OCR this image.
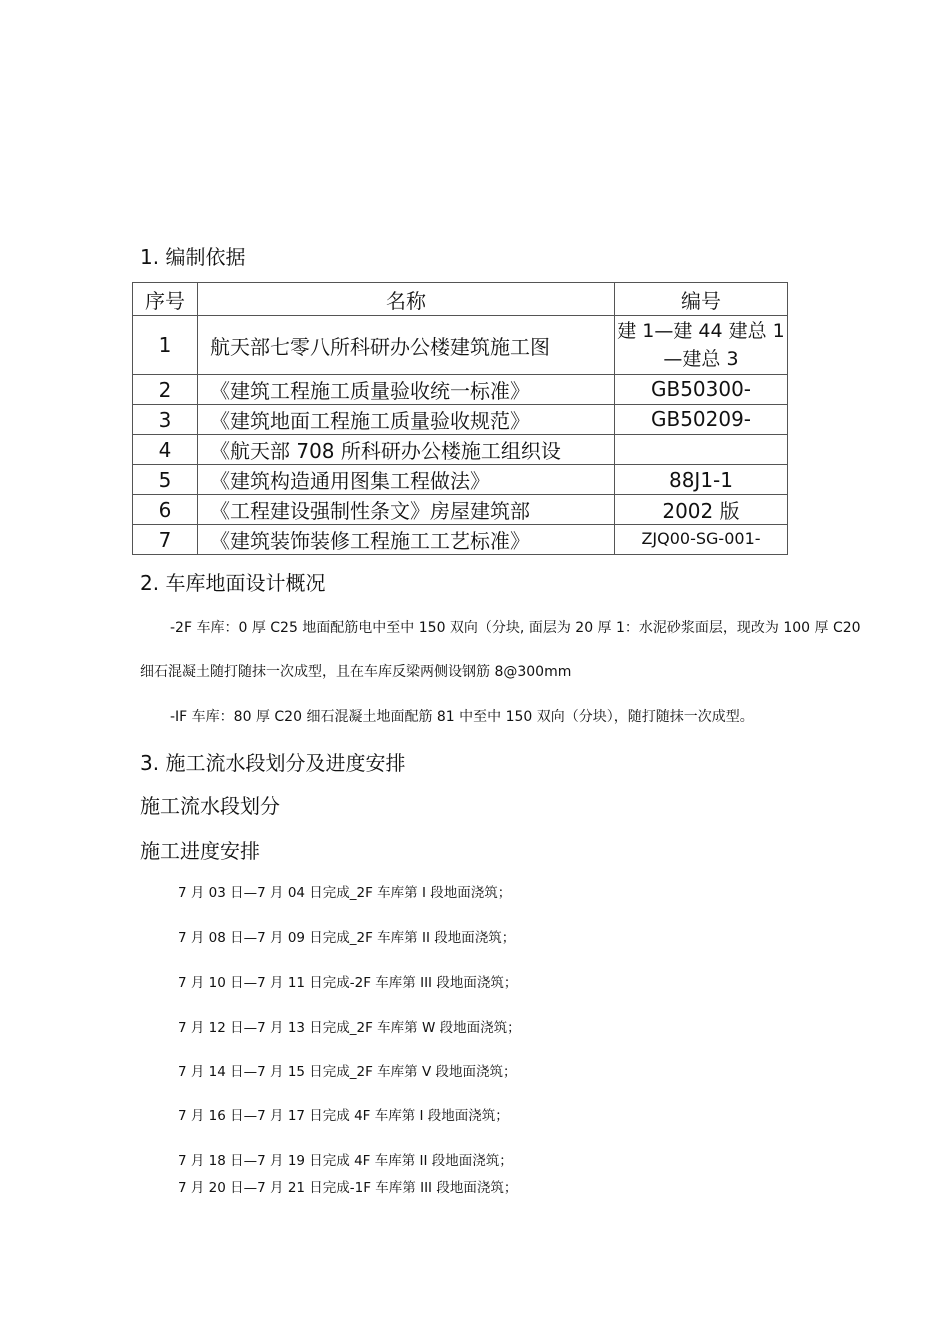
1. 编制依据
序号	名称	编号
1	航天部七零八所科研办公楼建筑施工图	建 1—建 44 建总 1—建总 3
2	《建筑工程施工质量验收统一标准》	GB50300-

3	《建筑地面工程施工质量验收规范》	GB50209-

4	《航天部 708 所科研办公楼施工组织设	
5	《建筑构造通用图集工程做法》	88J1-1
6	《工程建设强制性条文》房屋建筑部	2002 版
7	《建筑装饰装修工程施工工艺标准》	ZJQ00-SG-001-
2. 车库地面设计概况
-2F 车库：0 厚 C25 地面配筋电中至中 150 双向（分块, 面层为 20 厚 1：水泥砂浆面层，现改为 100 厚 C20
细石混凝土随打随抹一次成型，且在车库反梁两侧设钢筋 8@300mm
-IF 车库：80 厚 C20 细石混凝土地面配筋 81 中至中 150 双向（分块），随打随抹一次成型。
3. 施工流水段划分及进度安排
施工流水段划分
施工进度安排
7 月 03 日—7 月 04 日完成_2F 车库第 I 段地面浇筑；
7 月 08 日—7 月 09 日完成_2F 车库第 II 段地面浇筑；
7 月 10 日—7 月 11 日完成-2F 车库第 III 段地面浇筑；
7 月 12 日—7 月 13 日完成_2F 车库第 W 段地面浇筑；
7 月 14 日—7 月 15 日完成_2F 车库第 V 段地面浇筑；
7 月 16 日—7 月 17 日完成 4F 车库第 I 段地面浇筑；
7 月 18 日—7 月 19 日完成 4F 车库第 II 段地面浇筑；
7 月 20 日—7 月 21 日完成-1F 车库第 III 段地面浇筑；
